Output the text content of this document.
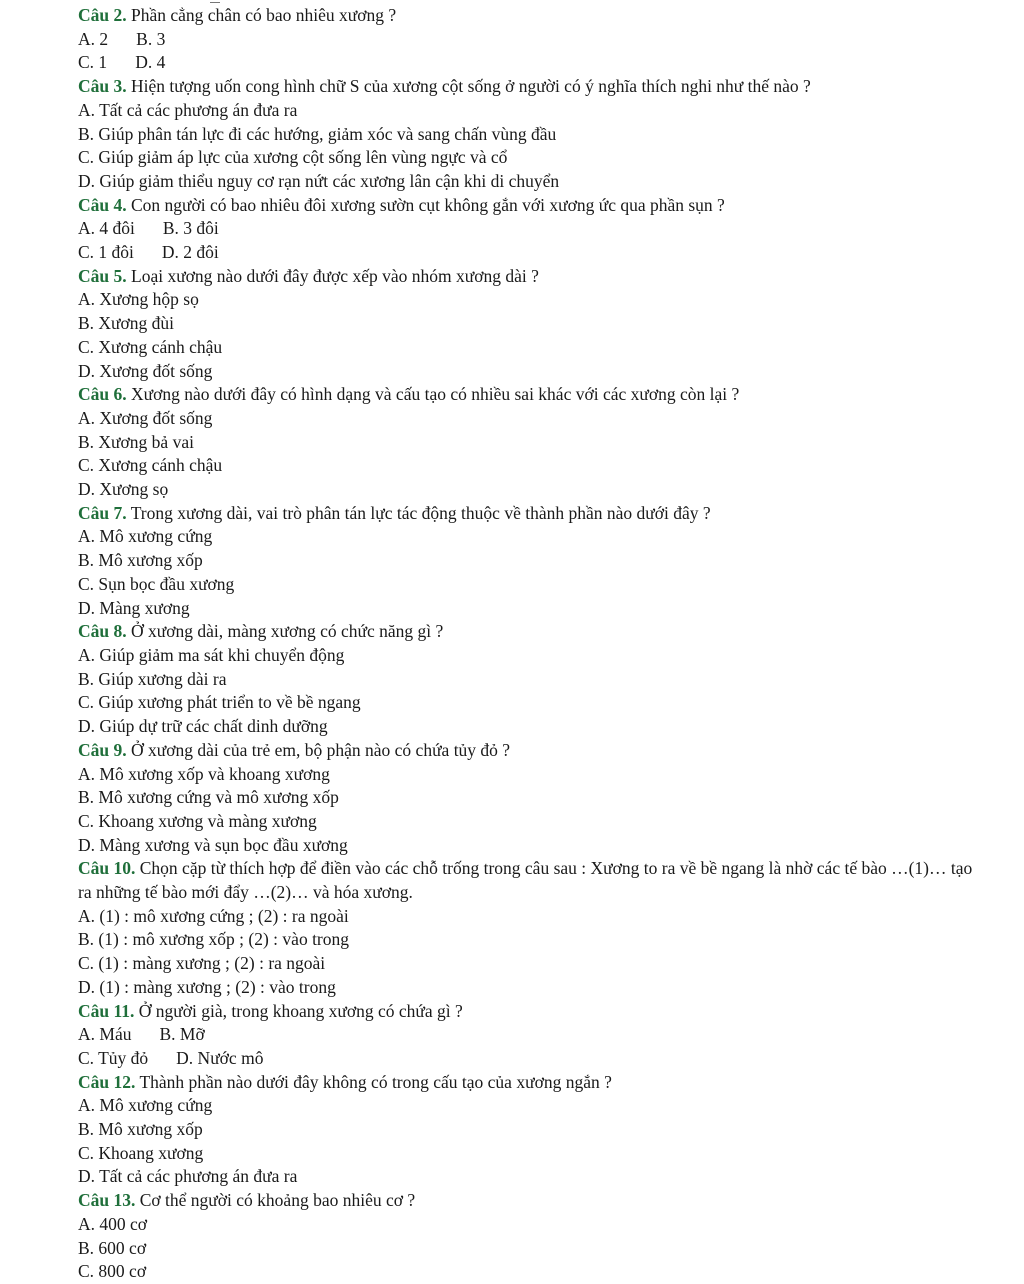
Câu 2. Phần cẳng chân có bao nhiêu xương ?
A. 2 B. 3
C. 1 D. 4
Câu 3. Hiện tượng uốn cong hình chữ S của xương cột sống ở người có ý nghĩa thích nghi như thế nào ?
A. Tất cả các phương án đưa ra
B. Giúp phân tán lực đi các hướng, giảm xóc và sang chấn vùng đầu
C. Giúp giảm áp lực của xương cột sống lên vùng ngực và cổ
D. Giúp giảm thiểu nguy cơ rạn nứt các xương lân cận khi di chuyển
Câu 4. Con người có bao nhiêu đôi xương sườn cụt không gắn với xương ức qua phần sụn ?
A. 4 đôi B. 3 đôi
C. 1 đôi D. 2 đôi
Câu 5. Loại xương nào dưới đây được xếp vào nhóm xương dài ?
A. Xương hộp sọ
B. Xương đùi
C. Xương cánh chậu
D. Xương đốt sống
Câu 6. Xương nào dưới đây có hình dạng và cấu tạo có nhiều sai khác với các xương còn lại ?
A. Xương đốt sống
B. Xương bả vai
C. Xương cánh chậu
D. Xương sọ
Câu 7. Trong xương dài, vai trò phân tán lực tác động thuộc về thành phần nào dưới đây ?
A. Mô xương cứng
B. Mô xương xốp
C. Sụn bọc đầu xương
D. Màng xương
Câu 8. Ở xương dài, màng xương có chức năng gì ?
A. Giúp giảm ma sát khi chuyển động
B. Giúp xương dài ra
C. Giúp xương phát triển to về bề ngang
D. Giúp dự trữ các chất dinh dưỡng
Câu 9. Ở xương dài của trẻ em, bộ phận nào có chứa tủy đỏ ?
A. Mô xương xốp và khoang xương
B. Mô xương cứng và mô xương xốp
C. Khoang xương và màng xương
D. Màng xương và sụn bọc đầu xương
Câu 10. Chọn cặp từ thích hợp để điền vào các chỗ trống trong câu sau : Xương to ra về bề ngang là nhờ các tế bào …(1)… tạo ra những tế bào mới đẩy …(2)… và hóa xương.
A. (1) : mô xương cứng ; (2) : ra ngoài
B. (1) : mô xương xốp ; (2) : vào trong
C. (1) : màng xương ; (2) : ra ngoài
D. (1) : màng xương ; (2) : vào trong
Câu 11. Ở người già, trong khoang xương có chứa gì ?
A. Máu B. Mỡ
C. Tủy đỏ D. Nước mô
Câu 12. Thành phần nào dưới đây không có trong cấu tạo của xương ngắn ?
A. Mô xương cứng
B. Mô xương xốp
C. Khoang xương
D. Tất cả các phương án đưa ra
Câu 13. Cơ thể người có khoảng bao nhiêu cơ ?
A. 400 cơ
B. 600 cơ
C. 800 cơ
